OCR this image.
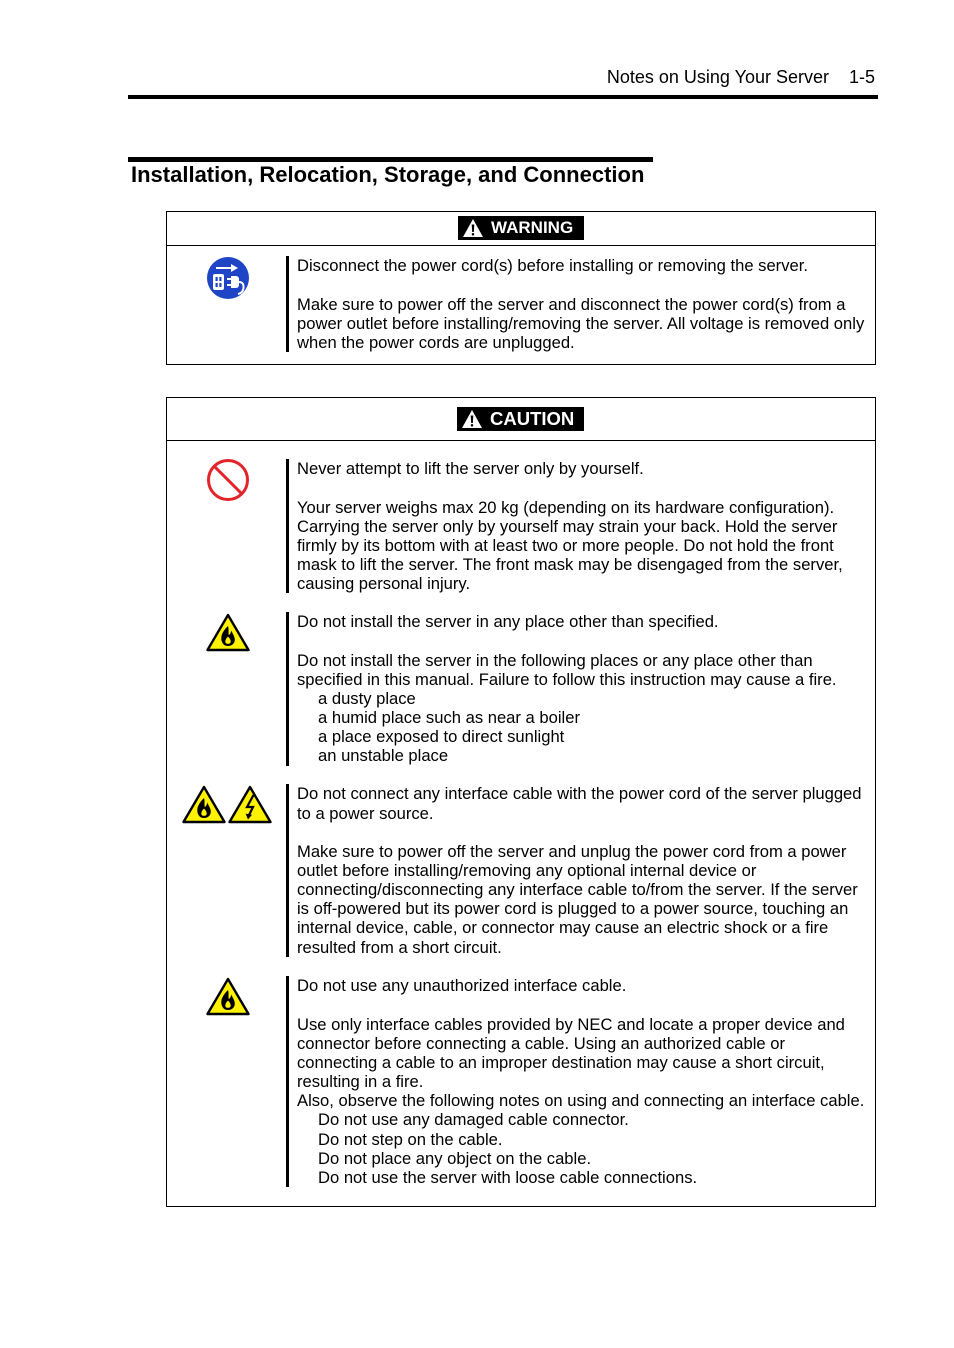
Notes on Using Your Server 1-5
Installation, Relocation, Storage, and Connection
WARNING
Disconnect the power cord(s) before installing or removing the server.
Make sure to power off the server and disconnect the power cord(s) from a
power outlet before installing/removing the server. All voltage is removed only
when the power cords are unplugged.
CAUTION
Never attempt to lift the server only by yourself.
Your server weighs max 20 kg (depending on its hardware configuration).
Carrying the server only by yourself may strain your back. Hold the server
firmly by its bottom with at least two or more people. Do not hold the front
mask to lift the server. The front mask may be disengaged from the server,
causing personal injury.
Do not install the server in any place other than specified.
Do not install the server in the following places or any place other than
specified in this manual. Failure to follow this instruction may cause a fire.
a dusty place
a humid place such as near a boiler
a place exposed to direct sunlight
an unstable place
Do not connect any interface cable with the power cord of the server plugged
to a power source.
Make sure to power off the server and unplug the power cord from a power
outlet before installing/removing any optional internal device or
connecting/disconnecting any interface cable to/from the server. If the server
is off-powered but its power cord is plugged to a power source, touching an
internal device, cable, or connector may cause an electric shock or a fire
resulted from a short circuit.
Do not use any unauthorized interface cable.
Use only interface cables provided by NEC and locate a proper device and
connector before connecting a cable. Using an authorized cable or
connecting a cable to an improper destination may cause a short circuit,
resulting in a fire.
Also, observe the following notes on using and connecting an interface cable.
Do not use any damaged cable connector.
Do not step on the cable.
Do not place any object on the cable.
Do not use the server with loose cable connections.
